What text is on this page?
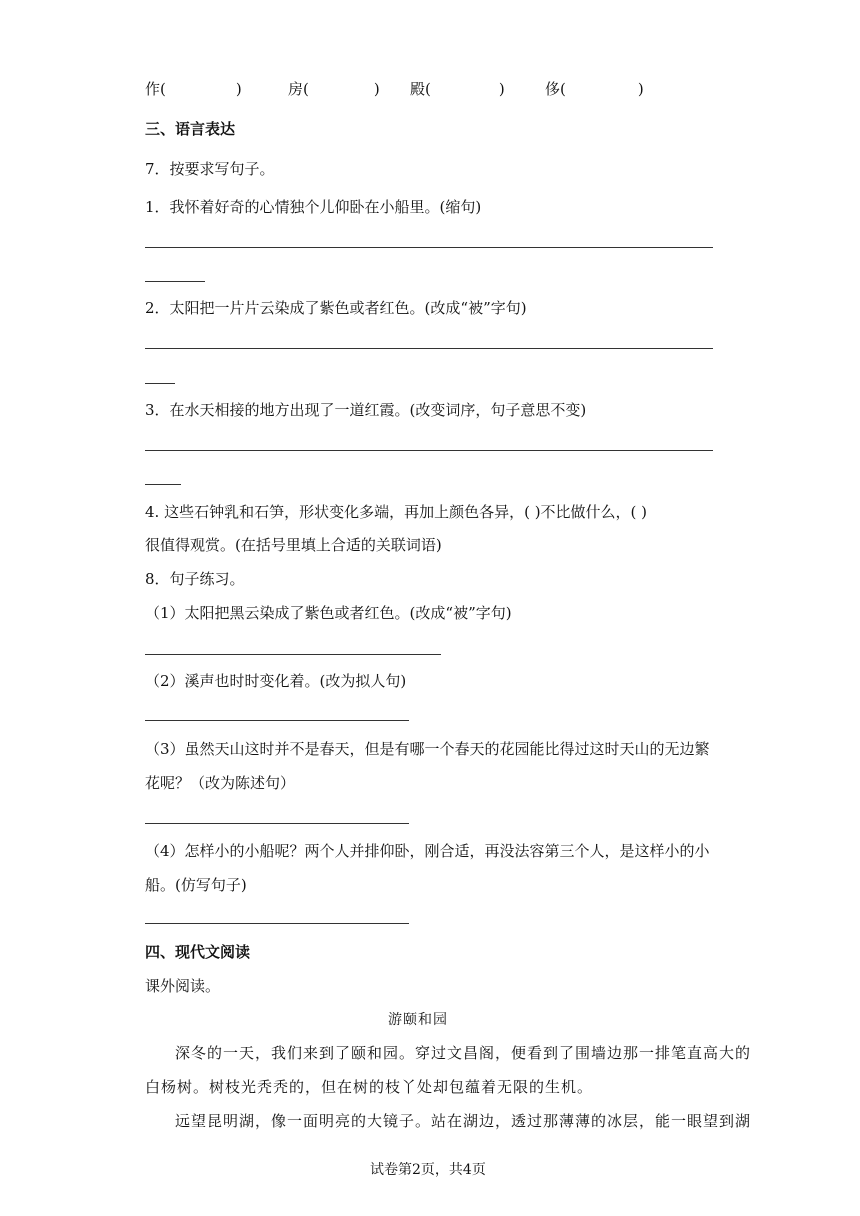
作(	)	房(	) 殿(	)	侈(	)
三、语言表达
7．按要求写句子。
1．我怀着好奇的心情独个儿仰卧在小船里。(缩句)
2．太阳把一片片云染成了紫色或者红色。(改成“被”字句)
3．在水天相接的地方出现了一道红霞。(改变词序，句子意思不变)
4. 这些石钟乳和石笋，形状变化多端，再加上颜色各异，( )不比做什么，( )
很值得观赏。(在括号里填上合适的关联词语)
8．句子练习。
（1）太阳把黑云染成了紫色或者红色。(改成“被”字句)
（2）溪声也时时变化着。(改为拟人句)
（3）虽然天山这时并不是春天，但是有哪一个春天的花园能比得过这时天山的无边繁
花呢？（改为陈述句）
（4）怎样小的小船呢？两个人并排仰卧，刚合适，再没法容第三个人，是这样小的小
船。(仿写句子)
四、现代文阅读
课外阅读。
游颐和园
深冬的一天，我们来到了颐和园。穿过文昌阁，便看到了围墙边那一排笔直高大的
白杨树。树枝光秃秃的，但在树的枝丫处却包蕴着无限的生机。
远望昆明湖，像一面明亮的大镜子。站在湖边，透过那薄薄的冰层，能一眼望到湖
试卷第2页，共4页
